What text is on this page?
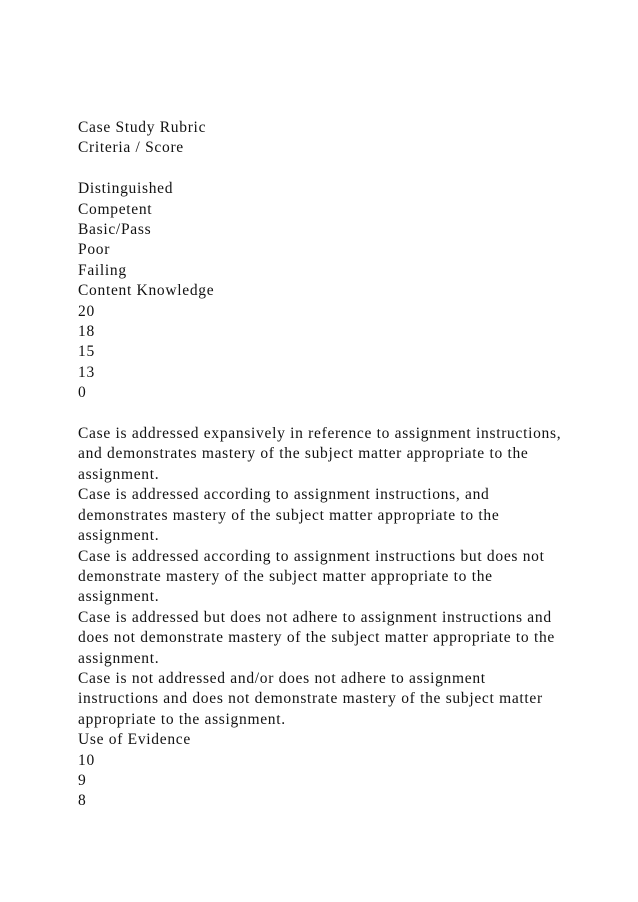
Case Study Rubric
Criteria / Score
Distinguished
Competent
Basic/Pass
Poor
Failing
Content Knowledge
20
18
15
13
0
Case is addressed expansively in reference to assignment instructions, and demonstrates mastery of the subject matter appropriate to the assignment.
Case is addressed according to assignment instructions, and demonstrates mastery of the subject matter appropriate to the assignment.
Case is addressed according to assignment instructions but does not demonstrate mastery of the subject matter appropriate to the assignment.
Case is addressed but does not adhere to assignment instructions and does not demonstrate mastery of the subject matter appropriate to the assignment.
Case is not addressed and/or does not adhere to assignment instructions and does not demonstrate mastery of the subject matter appropriate to the assignment.
Use of Evidence
10
9
8
